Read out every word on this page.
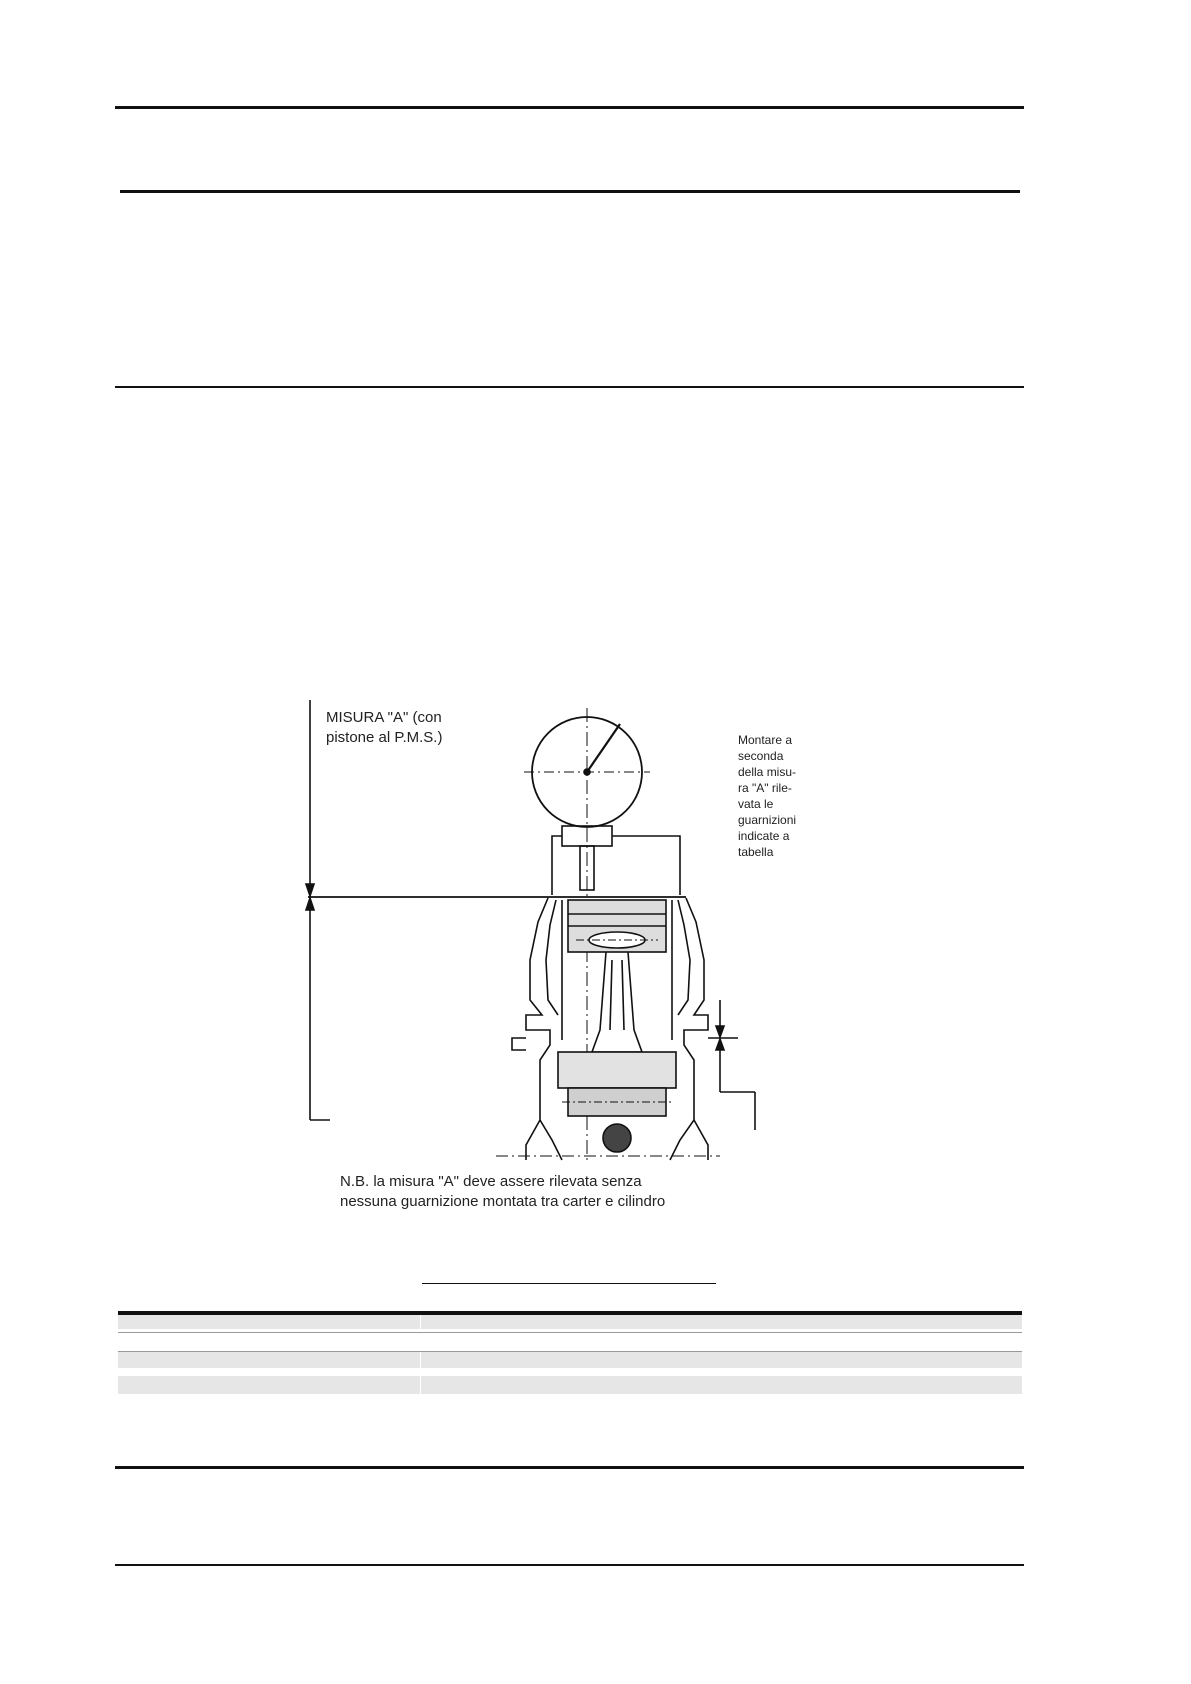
MISURA "A" (con
pistone al P.M.S.)	Montare a
seconda
della misu-
ra "A" rile-
vata le
guarnizioni
indicate a
tabella
N.B. la misura "A" deve assere rilevata senza
nessuna guarnizione montata tra carter e cilindro
